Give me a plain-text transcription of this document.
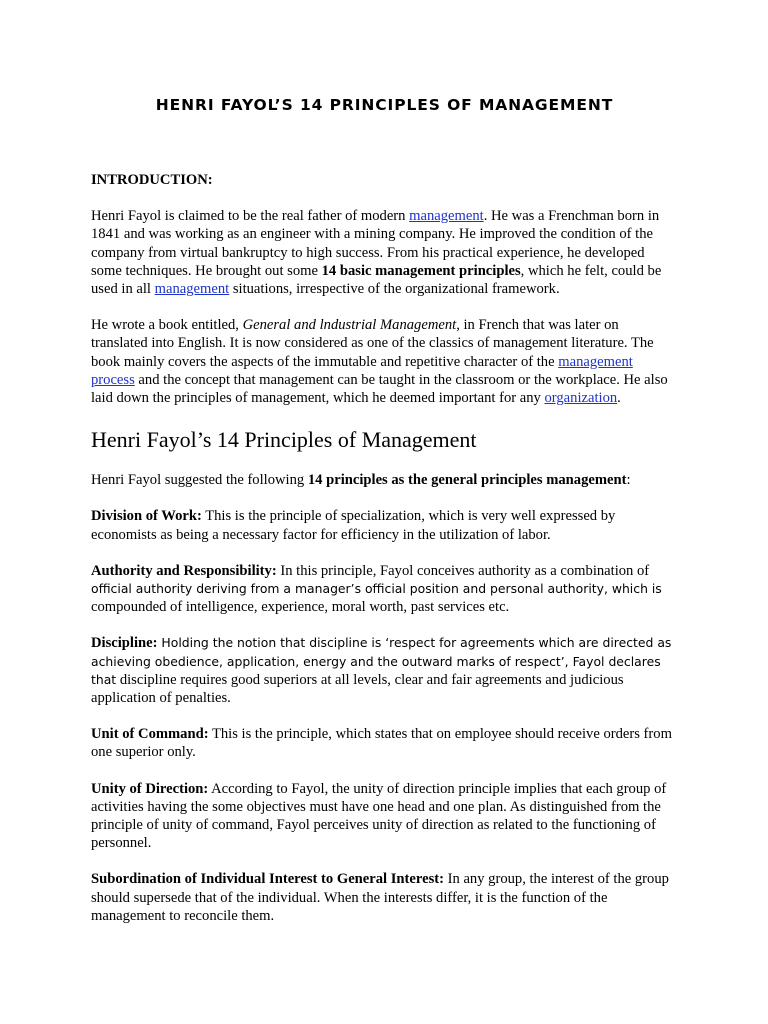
HENRI FAYOL’S 14 PRINCIPLES OF MANAGEMENT

INTRODUCTION:

Henri Fayol is claimed to be the real father of modern management. He was a Frenchman born in 1841 and was working as an engineer with a mining company. He improved the condition of the company from virtual bankruptcy to high success. From his practical experience, he developed some techniques. He brought out some 14 basic management principles, which he felt, could be used in all management situations, irrespective of the organizational framework.

He wrote a book entitled, General and lndustrial Management, in French that was later on translated into English. It is now considered as one of the classics of management literature. The book mainly covers the aspects of the immutable and repetitive character of the management process and the concept that management can be taught in the classroom or the workplace. He also laid down the principles of management, which he deemed important for any organization.

Henri Fayol’s 14 Principles of Management

Henri Fayol suggested the following 14 principles as the general principles management:

Division of Work: This is the principle of specialization, which is very well expressed by economists as being a necessary factor for efficiency in the utilization of labor.

Authority and Responsibility: In this principle, Fayol conceives authority as a combination of official authority deriving from a manager’s official position and personal authority, which is compounded of intelligence, experience, moral worth, past services etc.

Discipline: Holding the notion that discipline is ‘respect for agreements which are directed as achieving obedience, application, energy and the outward marks of respect’, Fayol declares that discipline requires good superiors at all levels, clear and fair agreements and judicious application of penalties.

Unit of Command: This is the principle, which states that on employee should receive orders from one superior only.

Unity of Direction: According to Fayol, the unity of direction principle implies that each group of activities having the some objectives must have one head and one plan. As distinguished from the principle of unity of command, Fayol perceives unity of direction as related to the functioning of personnel.

Subordination of Individual Interest to General Interest: In any group, the interest of the group should supersede that of the individual. When the interests differ, it is the function of the management to reconcile them.
